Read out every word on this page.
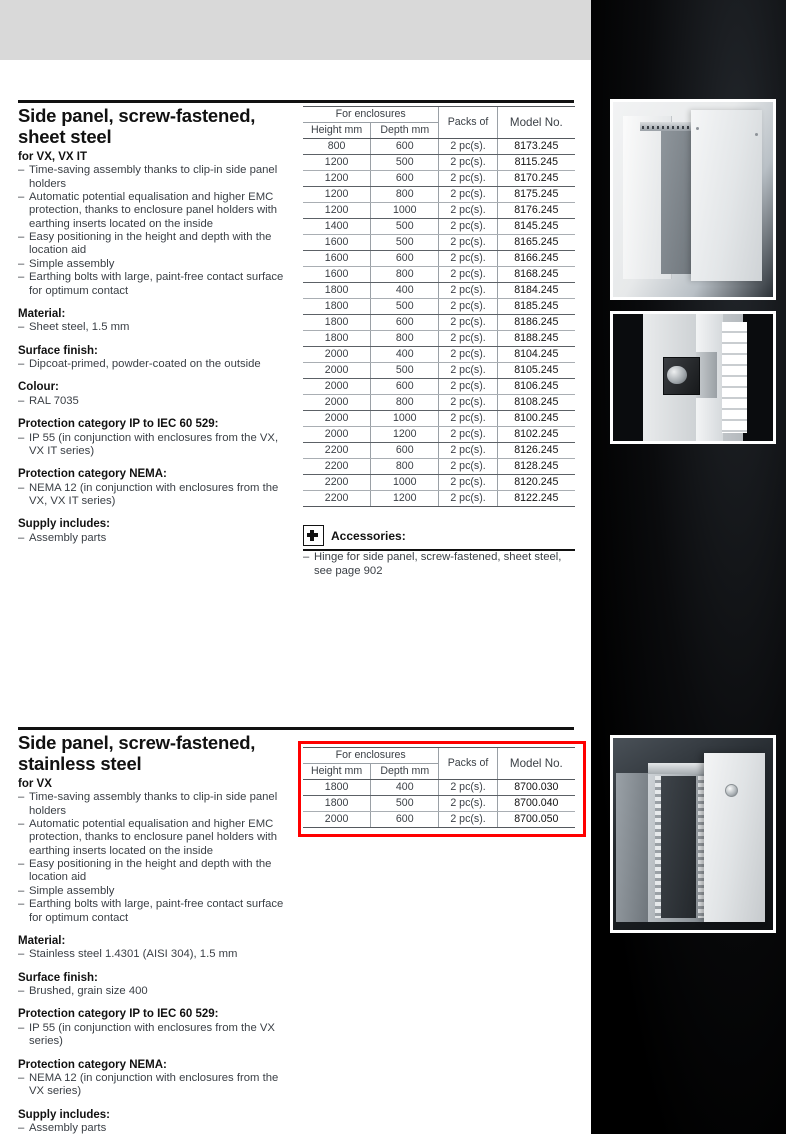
Side panel, screw-fastened, sheet steel
for VX, VX IT
– Time-saving assembly thanks to clip-in side panel holders
– Automatic potential equalisation and higher EMC protection, thanks to enclosure panel holders with earthing inserts located on the inside
– Easy positioning in the height and depth with the location aid
– Simple assembly
– Earthing bolts with large, paint-free contact surface for optimum contact
Material:
– Sheet steel, 1.5 mm
Surface finish:
– Dipcoat-primed, powder-coated on the outside
Colour:
– RAL 7035
Protection category IP to IEC 60 529:
– IP 55 (in conjunction with enclosures from the VX, VX IT series)
Protection category NEMA:
– NEMA 12 (in conjunction with enclosures from the VX, VX IT series)
Supply includes:
– Assembly parts
For enclosures		Packs of	Model No.
Height mm	Depth mm		
800	600	2 pc(s).	8173.245
1200	500	2 pc(s).	8115.245
1200	600	2 pc(s).	8170.245
1200	800	2 pc(s).	8175.245
1200	1000	2 pc(s).	8176.245
1400	500	2 pc(s).	8145.245
1600	500	2 pc(s).	8165.245
1600	600	2 pc(s).	8166.245
1600	800	2 pc(s).	8168.245
1800	400	2 pc(s).	8184.245
1800	500	2 pc(s).	8185.245
1800	600	2 pc(s).	8186.245
1800	800	2 pc(s).	8188.245
2000	400	2 pc(s).	8104.245
2000	500	2 pc(s).	8105.245
2000	600	2 pc(s).	8106.245
2000	800	2 pc(s).	8108.245
2000	1000	2 pc(s).	8100.245
2000	1200	2 pc(s).	8102.245
2200	600	2 pc(s).	8126.245
2200	800	2 pc(s).	8128.245
2200	1000	2 pc(s).	8120.245
2200	1200	2 pc(s).	8122.245
Accessories:
– Hinge for side panel, screw-fastened, sheet steel, see page 902
Side panel, screw-fastened, stainless steel
for VX
– Time-saving assembly thanks to clip-in side panel holders
– Automatic potential equalisation and higher EMC protection, thanks to enclosure panel holders with earthing inserts located on the inside
– Easy positioning in the height and depth with the location aid
– Simple assembly
– Earthing bolts with large, paint-free contact surface for optimum contact
Material:
– Stainless steel 1.4301 (AISI 304), 1.5 mm
Surface finish:
– Brushed, grain size 400
Protection category IP to IEC 60 529:
– IP 55 (in conjunction with enclosures from the VX series)
Protection category NEMA:
– NEMA 12 (in conjunction with enclosures from the VX series)
Supply includes:
– Assembly parts
For enclosures		Packs of	Model No.
Height mm	Depth mm		
1800	400	2 pc(s).	8700.030
1800	500	2 pc(s).	8700.040
2000	600	2 pc(s).	8700.050
